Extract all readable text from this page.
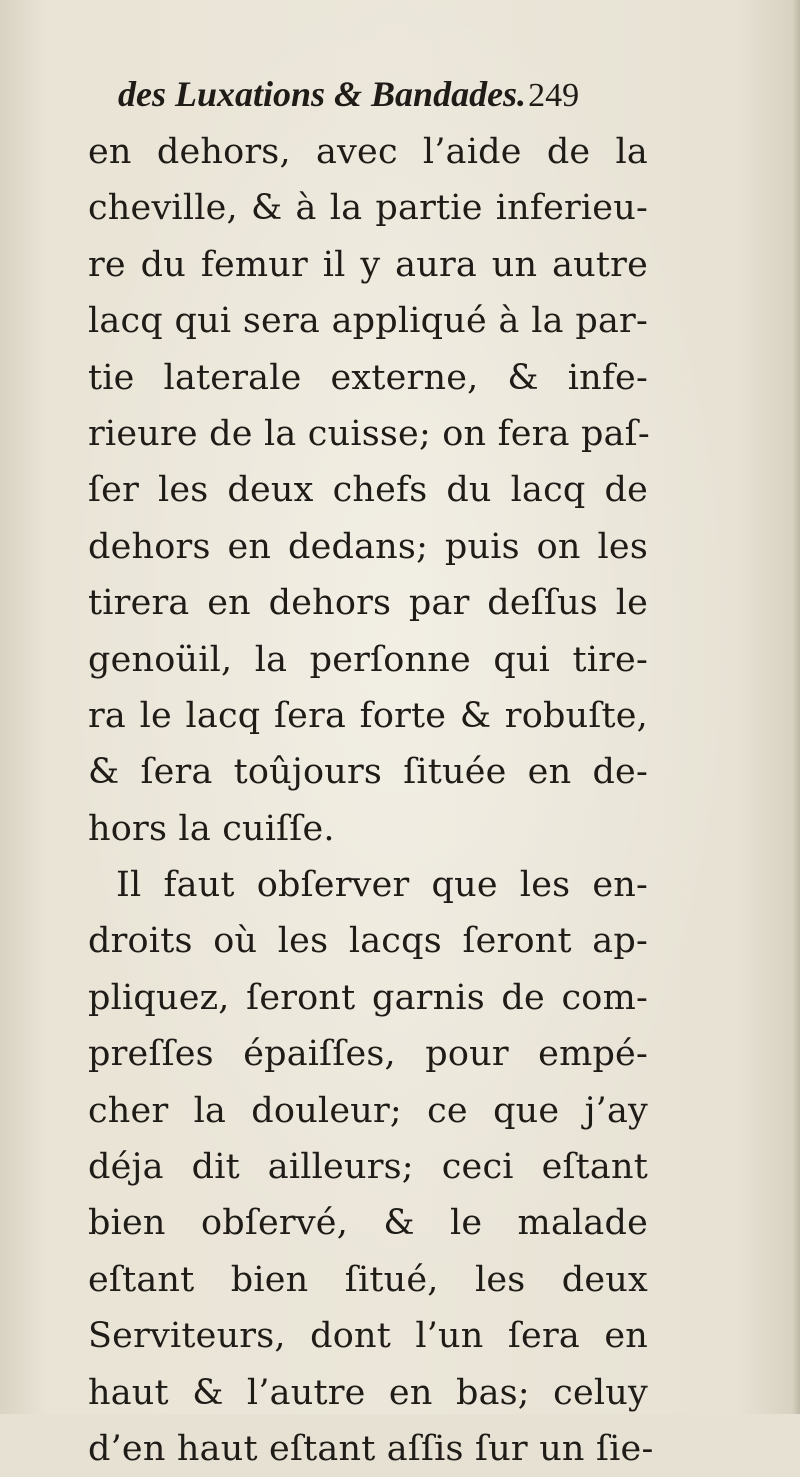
des Luxations & Bandades.249
en dehors, avec l’aide de la
cheville, & à la partie inferieu-
re du femur il y aura un autre
lacq qui sera appliqué à la par-
tie laterale externe, & infe-
rieure de la cuisse; on fera paſ-
ſer les deux chefs du lacq de
dehors en dedans; puis on les
tirera en dehors par deſſus le
genoüil, la perſonne qui tire-
ra le lacq ſera forte & robuſte,
& ſera toûjours ſituée en de-
hors la cuiſſe.
Il faut obſerver que les en-
droits où les lacqs ſeront ap-
pliquez, ſeront garnis de com-
preſſes épaiſſes, pour empé-
cher la douleur; ce que j’ay
déja dit ailleurs; ceci eſtant
bien obſervé, & le malade
eſtant bien ſitué, les deux
Serviteurs, dont l’un ſera en
haut & l’autre en bas; celuy
d’en haut eſtant aſſis ſur un ſie-
